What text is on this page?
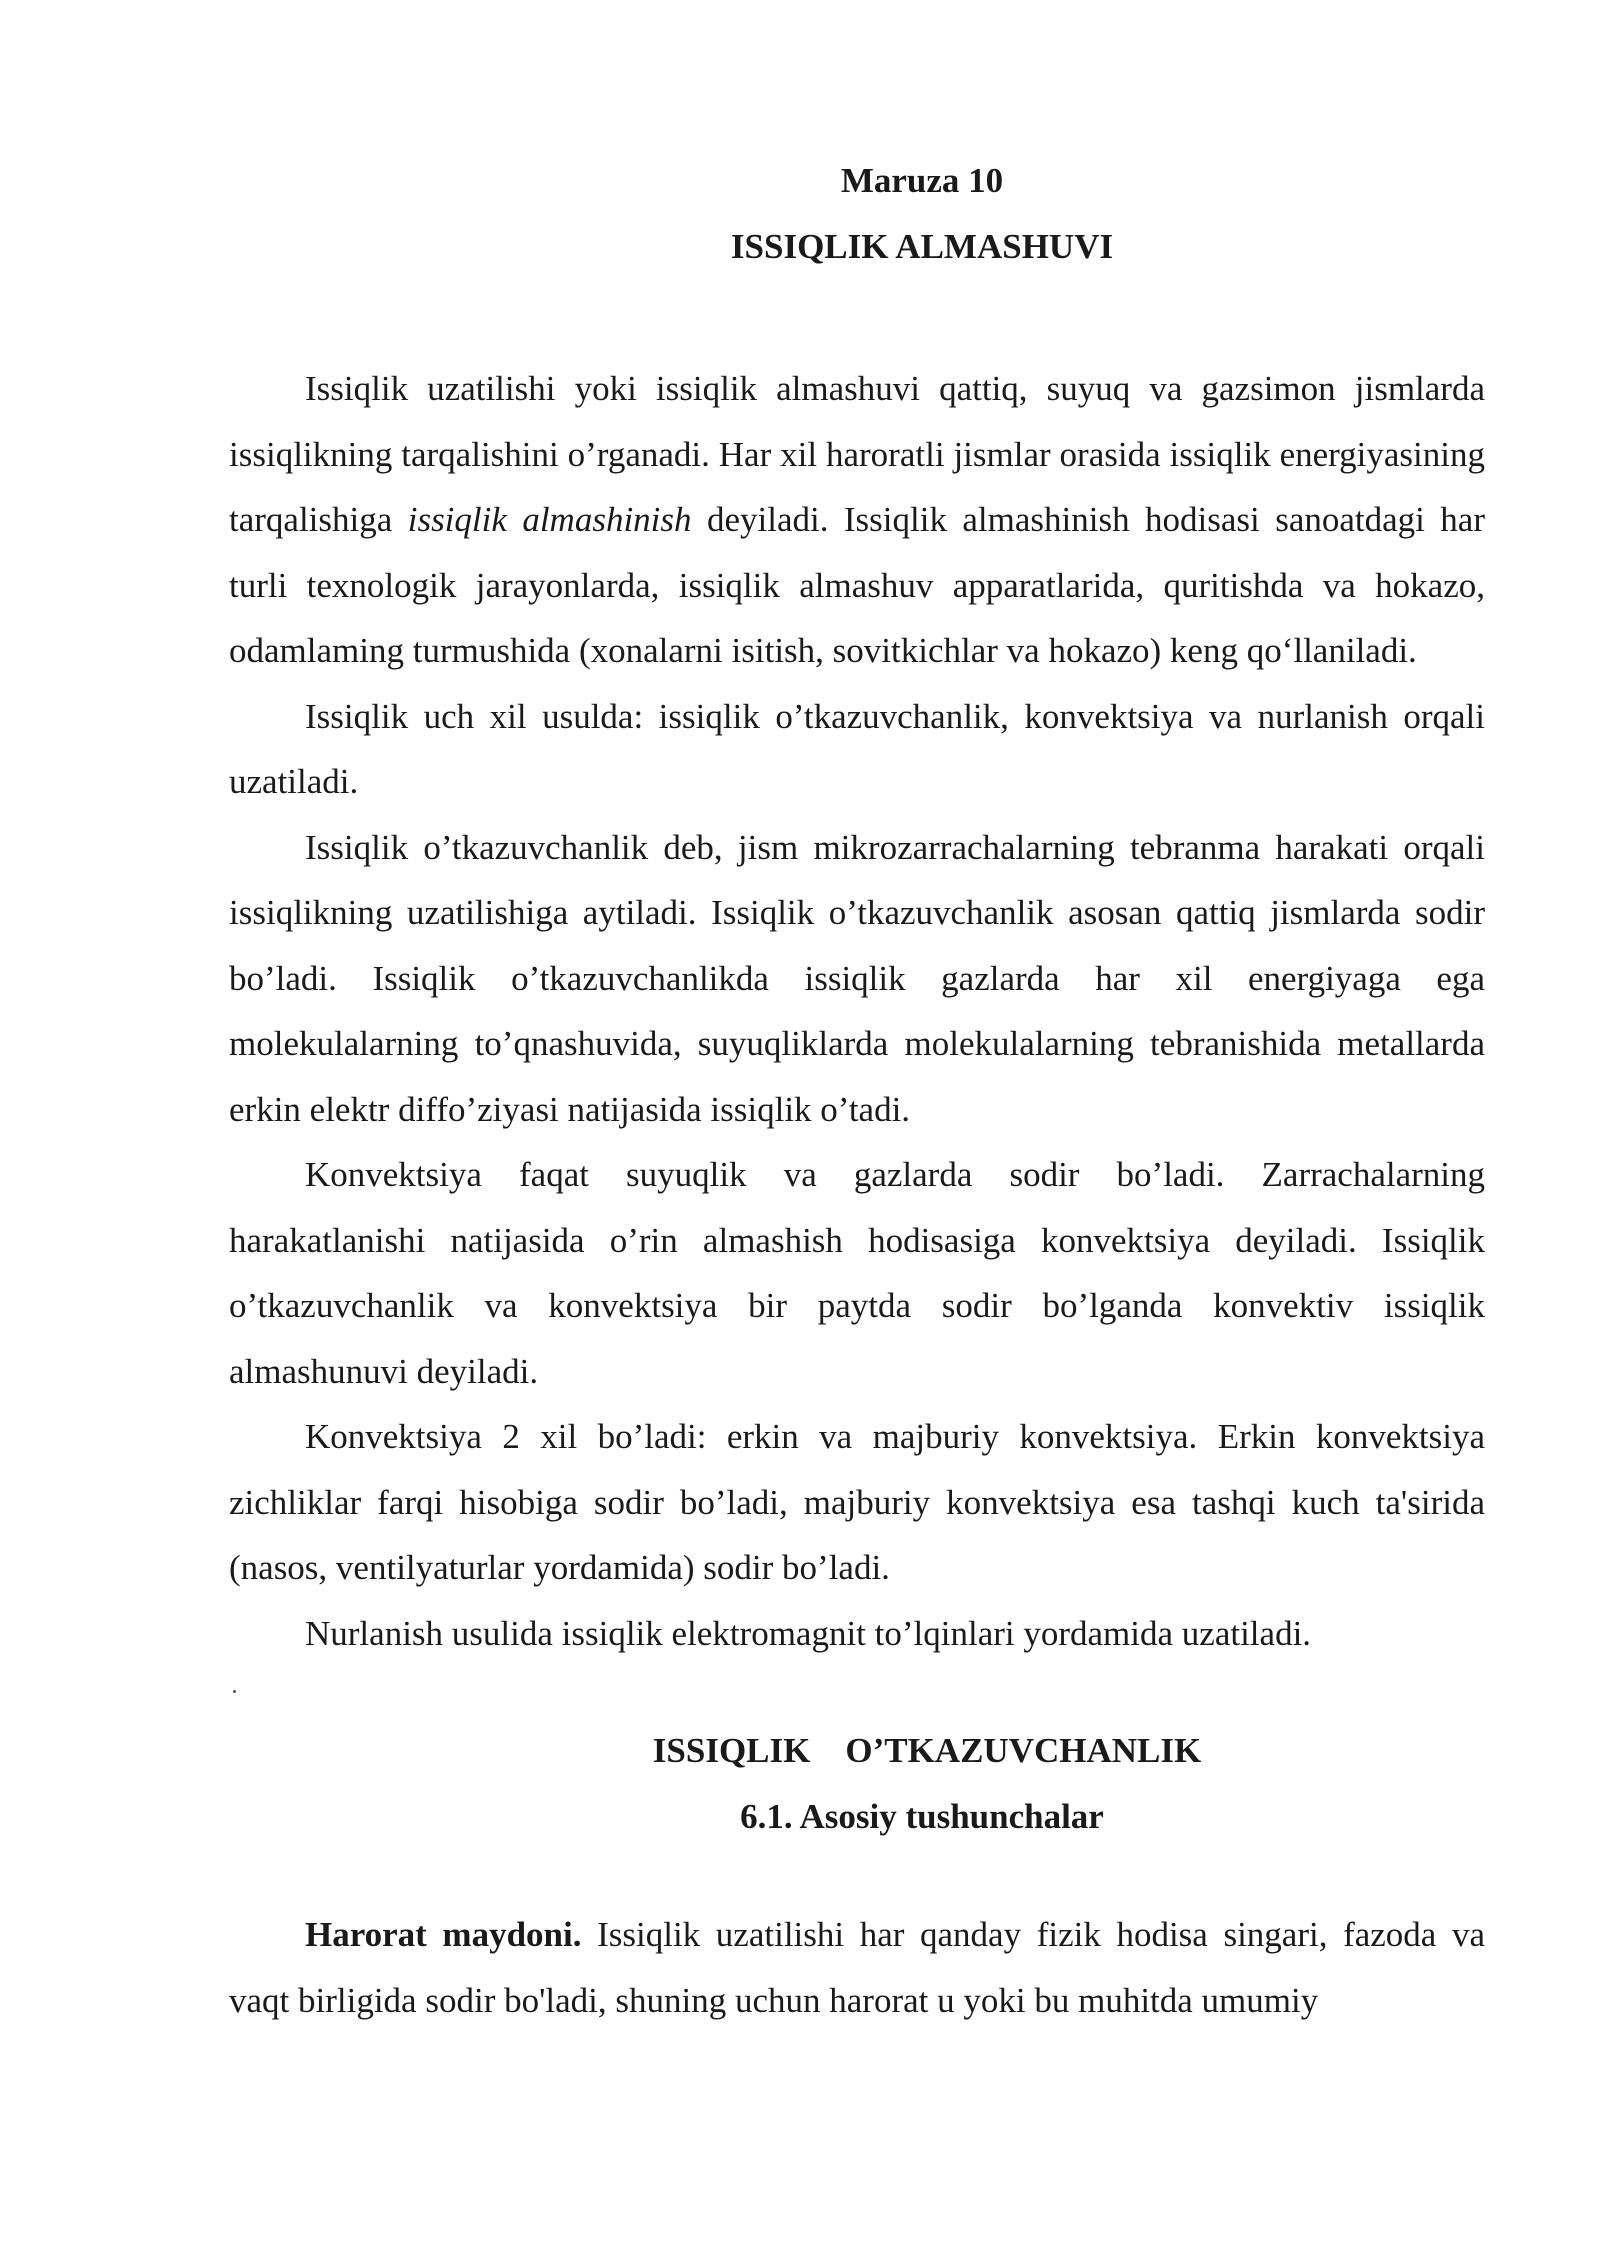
Maruza 10
ISSIQLIK ALMASHUVI

Issiqlik uzatilishi yoki issiqlik almashuvi qattiq, suyuq va gazsimon jismlarda issiqlikning tarqalishini o’rganadi. Har xil haroratli jismlar orasida issiqlik energiyasining tarqalishiga issiqlik almashinish deyiladi. Issiqlik almashinish hodisasi sanoatdagi har turli texnologik jarayonlarda, issiqlik almashuv apparatlarida, quritishda va hokazo, odamlaming turmushida (xonalarni isitish, sovitkichlar va hokazo) keng qo‘llaniladi.

Issiqlik uch xil usulda: issiqlik o’tkazuvchanlik, konvektsiya va nurlanish orqali uzatiladi.

Issiqlik o’tkazuvchanlik deb, jism mikrozarrachalarning tebranma harakati orqali issiqlikning uzatilishiga aytiladi. Issiqlik o’tkazuvchanlik asosan qattiq jismlarda sodir bo’ladi. Issiqlik o’tkazuvchanlikda issiqlik gazlarda har xil energiyaga ega molekulalarning to’qnashuvida, suyuqliklarda molekulalarning tebranishida metallarda erkin elektr diffo’ziyasi natijasida issiqlik o’tadi.

Konvektsiya faqat suyuqlik va gazlarda sodir bo’ladi. Zarrachalarning harakatlanishi natijasida o’rin almashish hodisasiga konvektsiya deyiladi. Issiqlik o’tkazuvchanlik va konvektsiya bir paytda sodir bo’lganda konvektiv issiqlik almashunuvi deyiladi.

Konvektsiya 2 xil bo’ladi: erkin va majburiy konvektsiya. Erkin konvektsiya zichliklar farqi hisobiga sodir bo’ladi, majburiy konvektsiya esa tashqi kuch ta'sirida (nasos, ventilyaturlar yordamida) sodir bo’ladi.

Nurlanish usulida issiqlik elektromagnit to’lqinlari yordamida uzatiladi.

ISSIQLIK    O’TKAZUVCHANLIK
6.1. Asosiy tushunchalar

Harorat maydoni. Issiqlik uzatilishi har qanday fizik hodisa singari, fazoda va vaqt birligida sodir bo'ladi, shuning uchun harorat u yoki bu muhitda umumiy
